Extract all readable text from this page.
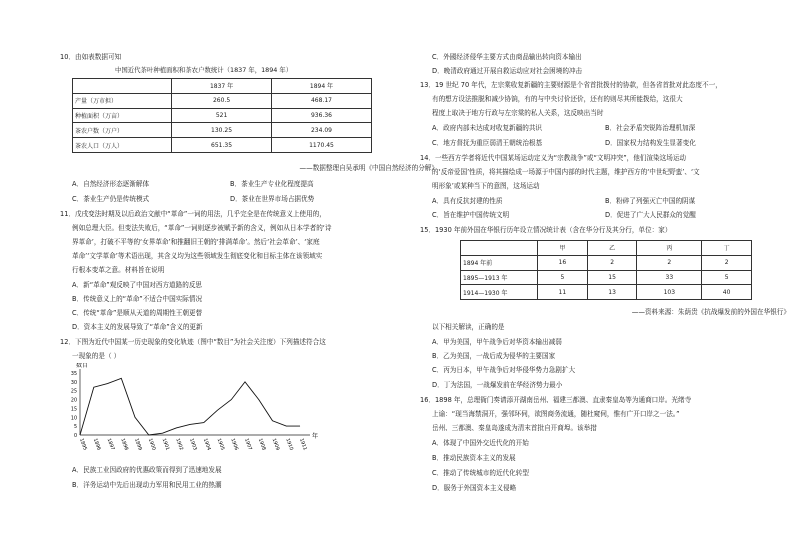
10．由如表数据可知
中国近代茶叶种植面积和茶农户数统计（1837 年，1894 年）
	1837 年	1894 年
产量（万市担）	260.5	468.17
种植面积（万亩）	521	936.36
茶农户数（万户）	130.25	234.09
茶农人口（万人）	651.35	1170.45
——数据整理自吴承明《中国自然经济的分解》
A．自然经济形态逐渐解体	B．茶业生产专业化程度提高
C．茶业生产仍是传统模式	D．茶业在世界市场占据优势
11．戊戌变法时期及以后政治文献中“革命”一词的用法，几乎完全是在传统意义上使用的，
例如总理大臣。但变法失败后，“革命”一词则逐步被赋予新的含义，例如从日本学者的‘诗
界革命’，打破不平等的‘女界革命’和推翻旧王朝的‘排满革命’。然后‘社会革命’、‘家庭
革命’‘文学革命’等术语出现，其含义均为这些领域发生彻底变化和目标主体在该领域实
行根本变革之意。材料旨在说明
A．新“革命”观反映了中国对西方道路的反思
B．传统意义上的“革命”不适合中国实际情况
C．传统“革命”是顺从天道的周期性王朝更替
D．资本主义的发展导致了“革命”含义的更新
12．下图为近代中国某一历史现象的变化轨迹（图中“数目”为社会关注度）下列描述符合这
一现象的是（ ）
数目
年
0
5
10
15
20
25
30
35
1895 1896 1897 1898 1899 1900 1901 1902 1903 1904 1905 1906 1907 1908 1909 1910 1911
A．民族工业因政府的优惠政策而得到了迅速地发展
B．洋务运动中先后出现动力军用和民用工业的热潮
C．外國经济侵华主要方式由商品输出转向资本输出
D．晚清政府通过开展自救运动应对社会困境的冲击
13．19 世纪 70 年代，左宗棠收复新疆的主要财源是个省首批拨付的协款，但各省首批对此态度不一，
有的想方设法推脱和减少协饷，有的与中央讨价还价，还有的则尽其所能拨给，这很大
程度上取决于地方行政与左宗棠的私人关系，这反映出当时
A．政府内部未达成对收复新疆的共识	B．社会矛盾突锐阵治理机加深
C．地方督抚为重臣弱清王朝统治根基	D．国家权力结构发生显著变化
14．一些西方学者将近代中国某场运动定义为“宗教战争”或“文明冲突”，他们渲染这场运动
的‘反帝爱国’性质，将其描绘成一场源于中国内部的时代主题，维护西方的‘中世纪野蛮’、‘文
明形象’或某种当下的意图，这场运动
A．具有反抗封建的性质	B．粉碎了列强灭亡中国的阴谋
C．旨在维护中国传统文明	D．促进了广大人民群众的觉醒
15．1930 年前外国在华银行历年设立情况统计表（含在华分行及其分行，单位：家）
	甲	乙	丙	丁
1894 年前	16	2	2	2
1895—1913 年	5	15	33	5
1914—1930 年	11	13	103	40
——资料来源：朱荫贵《抗战爆发前的外国在华银行》
以下相关解读，正确的是
A．甲为美国，甲午战争后对华资本输出减弱
B．乙为美国，一战后成为侵华的主要国家
C．丙为日本，甲午战争后对华侵华势力急剧扩大
D．丁为法国，一战爆发前在华经济势力最小
16．1898 年，总理衙门奏请添开湖南岳州、福建三都澳、直隶秦皇岛等为通商口岸。光绪寺
上谕：“现当海禁洞开，强邻环伺，欲图商务流通，随杜窥伺，惟有广开口岸之一法。”
岳州、三都澳、秦皇岛遂成为清末首批自开商埠。该举措
A．体现了中国外交近代化的开始
B．推动民族资本主义的发展
C．推动了传统城市的近代化转型
D．服务于外国资本主义侵略
